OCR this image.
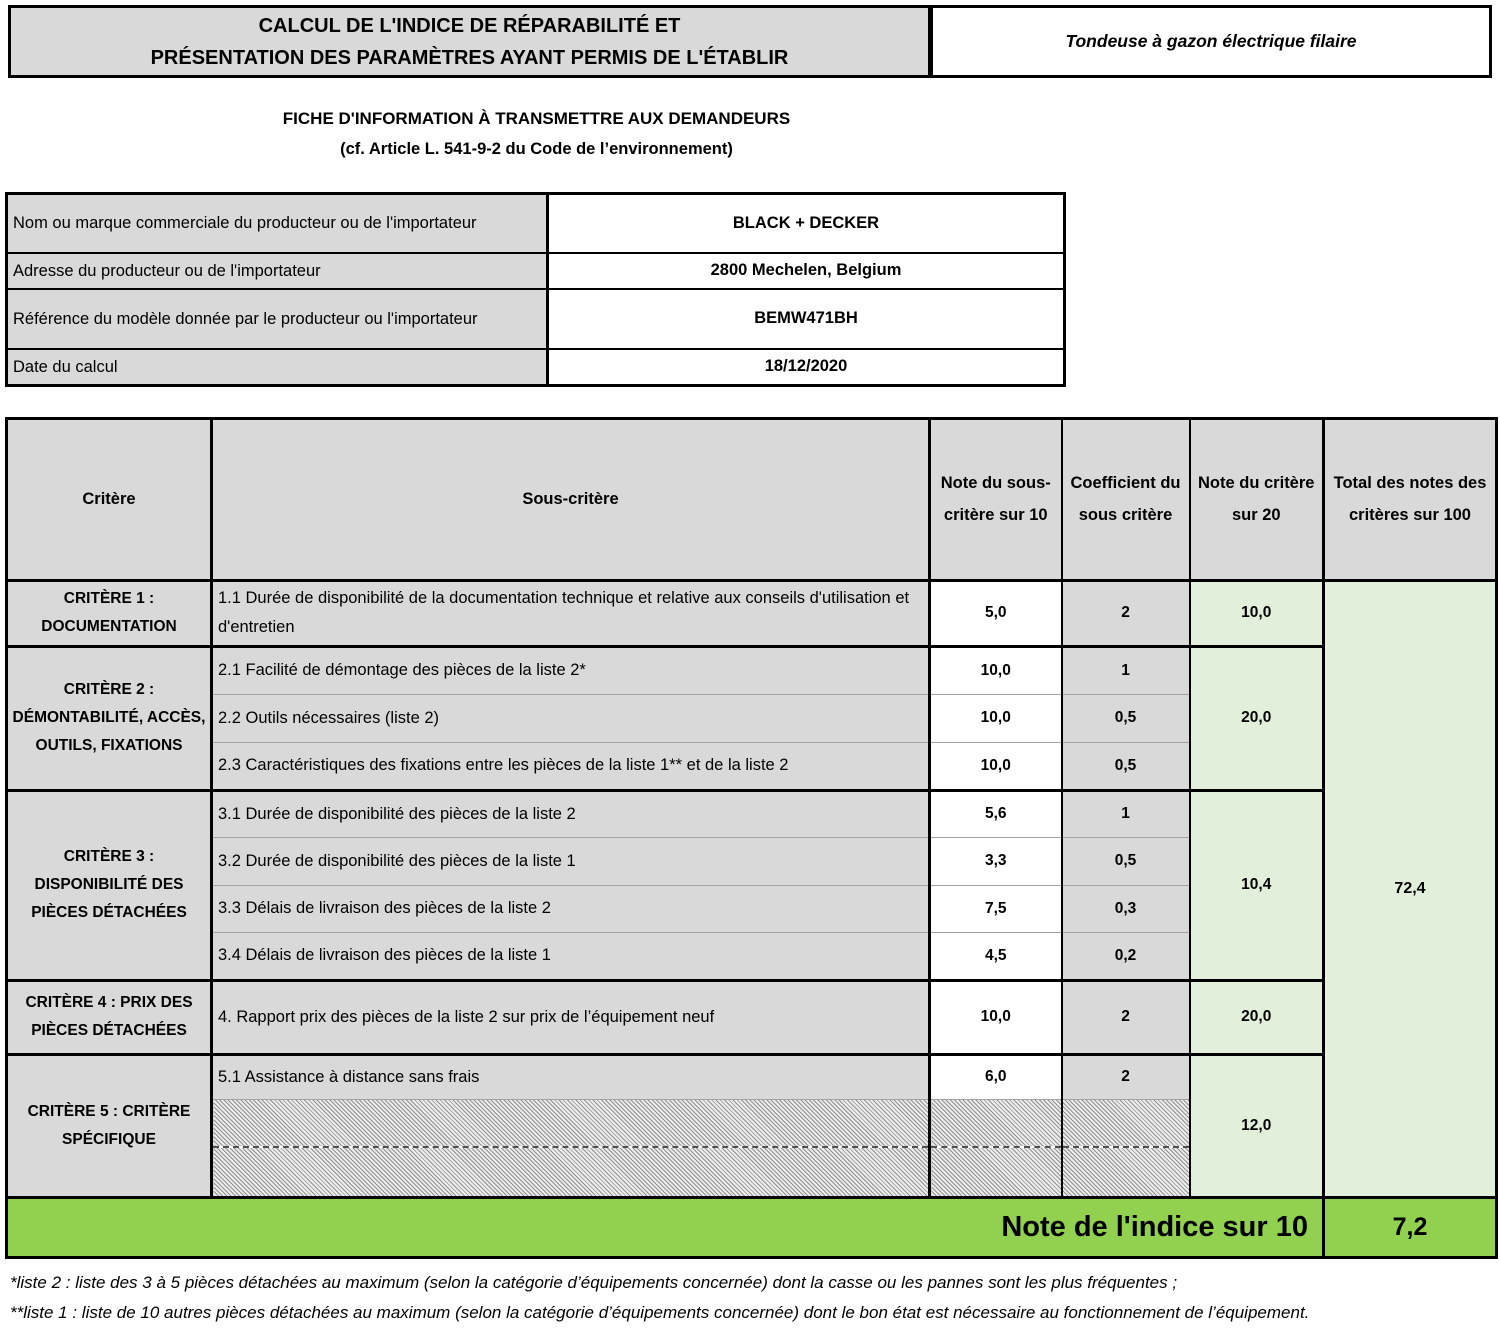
CALCUL DE L'INDICE DE RÉPARABILITÉ ET
PRÉSENTATION DES PARAMÈTRES AYANT PERMIS DE L'ÉTABLIR
Tondeuse à gazon électrique filaire
FICHE D'INFORMATION À TRANSMETTRE AUX DEMANDEURS
(cf. Article L. 541-9-2 du Code de l’environnement)
Nom ou marque commerciale du producteur ou de l'importateur	BLACK + DECKER
Adresse du producteur ou de l'importateur	2800 Mechelen, Belgium
Référence du modèle donnée par le producteur ou l'importateur	BEMW471BH
Date du calcul	18/12/2020
Critère	Sous-critère	Note du sous-critère sur 10	Coefficient du sous critère	Note du critère sur 20	Total des notes des critères sur 100
CRITÈRE 1 : DOCUMENTATION	1.1 Durée de disponibilité de la documentation technique et relative aux conseils d'utilisation et d'entretien	5,0	2	10,0	72,4
CRITÈRE 2 : DÉMONTABILITÉ, ACCÈS, OUTILS, FIXATIONS	2.1 Facilité de démontage des pièces de la liste 2*	10,0	1	20,0	
	2.2 Outils nécessaires (liste 2)	10,0	0,5		
	2.3 Caractéristiques des fixations entre les pièces de la liste 1** et de la liste 2	10,0	0,5		
CRITÈRE 3 : DISPONIBILITÉ DES PIÈCES DÉTACHÉES	3.1 Durée de disponibilité des pièces de la liste 2	5,6	1	10,4	
	3.2 Durée de disponibilité des pièces de la liste 1	3,3	0,5		
	3.3 Délais de livraison des pièces de la liste 2	7,5	0,3		
	3.4 Délais de livraison des pièces de la liste 1	4,5	0,2		
CRITÈRE 4 : PRIX DES PIÈCES DÉTACHÉES	4. Rapport prix des pièces de la liste 2 sur prix de l’équipement neuf	10,0	2	20,0	
CRITÈRE 5 : CRITÈRE SPÉCIFIQUE	5.1 Assistance à distance sans frais	6,0	2	12,0	

Note de l'indice sur 10					7,2

*liste 2 : liste des 3 à 5 pièces détachées au maximum (selon la catégorie d’équipements concernée) dont la casse ou les pannes sont les plus fréquentes ;

**liste 1 : liste de 10 autres pièces détachées au maximum (selon la catégorie d’équipements concernée) dont le bon état est nécessaire au fonctionnement de l’équipement.
